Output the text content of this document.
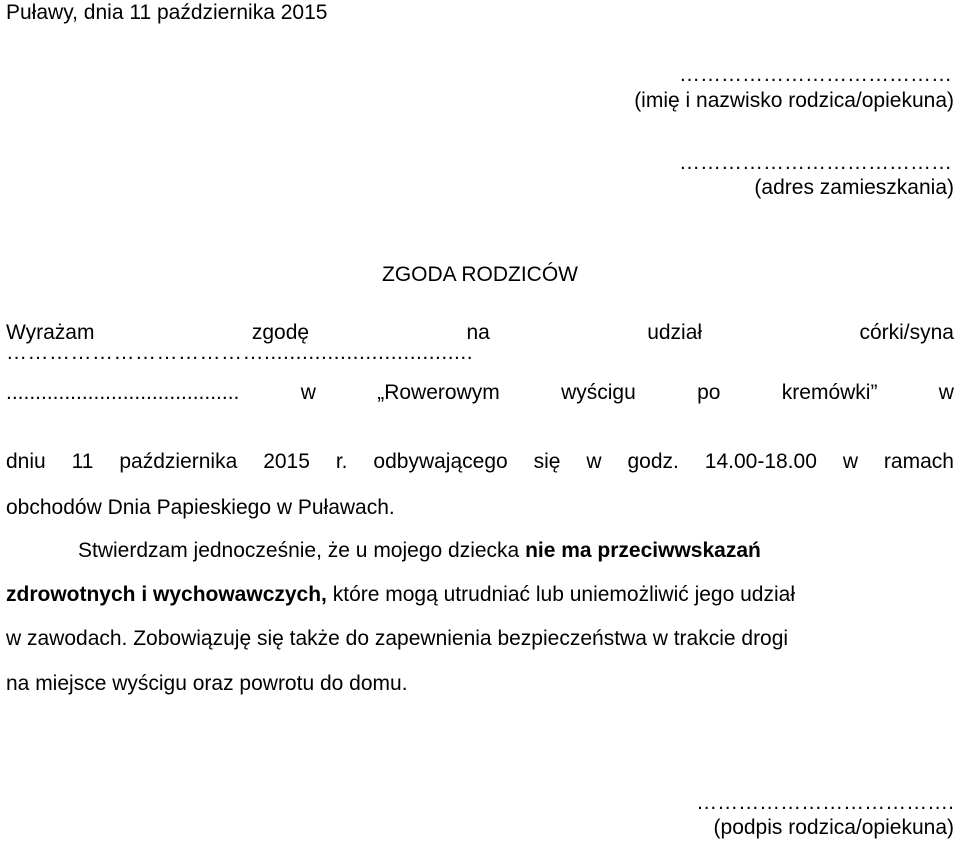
Puławy, dnia 11 października 2015
…………………………………
(imię i nazwisko rodzica/opiekuna)
…………………………………
(adres zamieszkania)
ZGODA RODZICÓW
Wyrażam	zgodę	na	udział	córki/syna
……………………………….................................
........................................	w	„Rowerowym	wyścigu	po	kremówki”	w
dniu 11 października 2015 r. odbywającego się w godz. 14.00-18.00 w ramach
obchodów Dnia Papieskiego w Puławach.
Stwierdzam jednocześnie, że u mojego dziecka nie ma przeciwwskazań
zdrowotnych i wychowawczych, które mogą utrudniać lub uniemożliwić jego udział
w zawodach. Zobowiązuję się także do zapewnienia bezpieczeństwa w trakcie drogi
na miejsce wyścigu oraz powrotu do domu.
……………………………….
(podpis rodzica/opiekuna)
